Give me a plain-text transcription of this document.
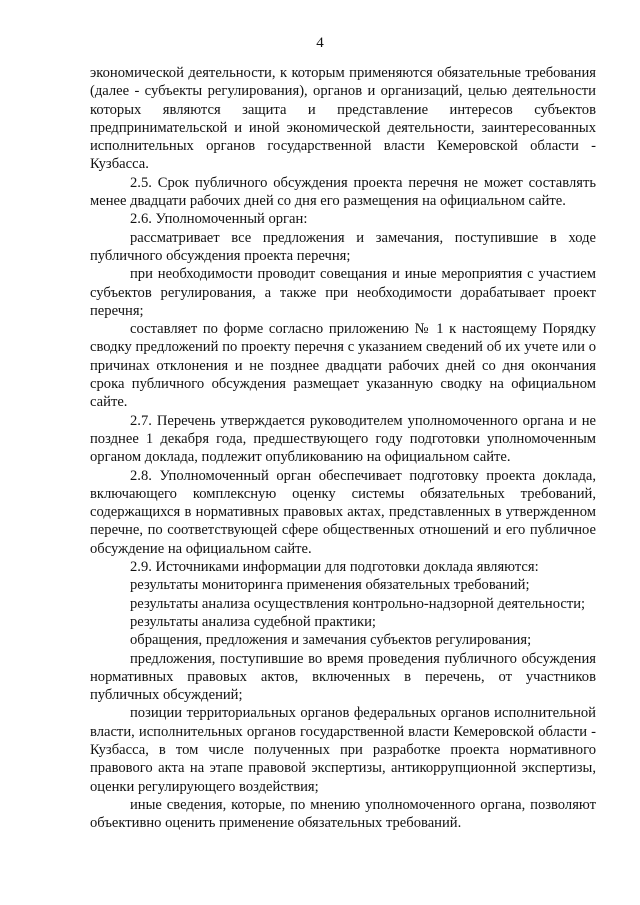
4

экономической деятельности, к которым применяются обязательные требования (далее - субъекты регулирования), органов и организаций, целью деятельности которых являются защита и представление интересов субъектов предпринимательской и иной экономической деятельности, заинтересованных исполнительных органов государственной власти Кемеровской области - Кузбасса.

2.5. Срок публичного обсуждения проекта перечня не может составлять менее двадцати рабочих дней со дня его размещения на официальном сайте.

2.6. Уполномоченный орган:

рассматривает все предложения и замечания, поступившие в ходе публичного обсуждения проекта перечня;

при необходимости проводит совещания и иные мероприятия с участием субъектов регулирования, а также при необходимости дорабатывает проект перечня;

составляет по форме согласно приложению № 1 к настоящему Порядку сводку предложений по проекту перечня с указанием сведений об их учете или о причинах отклонения и не позднее двадцати рабочих дней со дня окончания срока публичного обсуждения размещает указанную сводку на официальном сайте.

2.7. Перечень утверждается руководителем уполномоченного органа и не позднее 1 декабря года, предшествующего году подготовки уполномоченным органом доклада, подлежит опубликованию на официальном сайте.

2.8. Уполномоченный орган обеспечивает подготовку проекта доклада, включающего комплексную оценку системы обязательных требований, содержащихся в нормативных правовых актах, представленных в утвержденном перечне, по соответствующей сфере общественных отношений и его публичное обсуждение на официальном сайте.

2.9. Источниками информации для подготовки доклада являются:

результаты мониторинга применения обязательных требований;

результаты анализа осуществления контрольно-надзорной деятельности;

результаты анализа судебной практики;

обращения, предложения и замечания субъектов регулирования;

предложения, поступившие во время проведения публичного обсуждения нормативных правовых актов, включенных в перечень, от участников публичных обсуждений;

позиции территориальных органов федеральных органов исполнительной власти, исполнительных органов государственной власти Кемеровской области - Кузбасса, в том числе полученных при разработке проекта нормативного правового акта на этапе правовой экспертизы, антикоррупционной экспертизы, оценки регулирующего воздействия;

иные сведения, которые, по мнению уполномоченного органа, позволяют объективно оценить применение обязательных требований.
